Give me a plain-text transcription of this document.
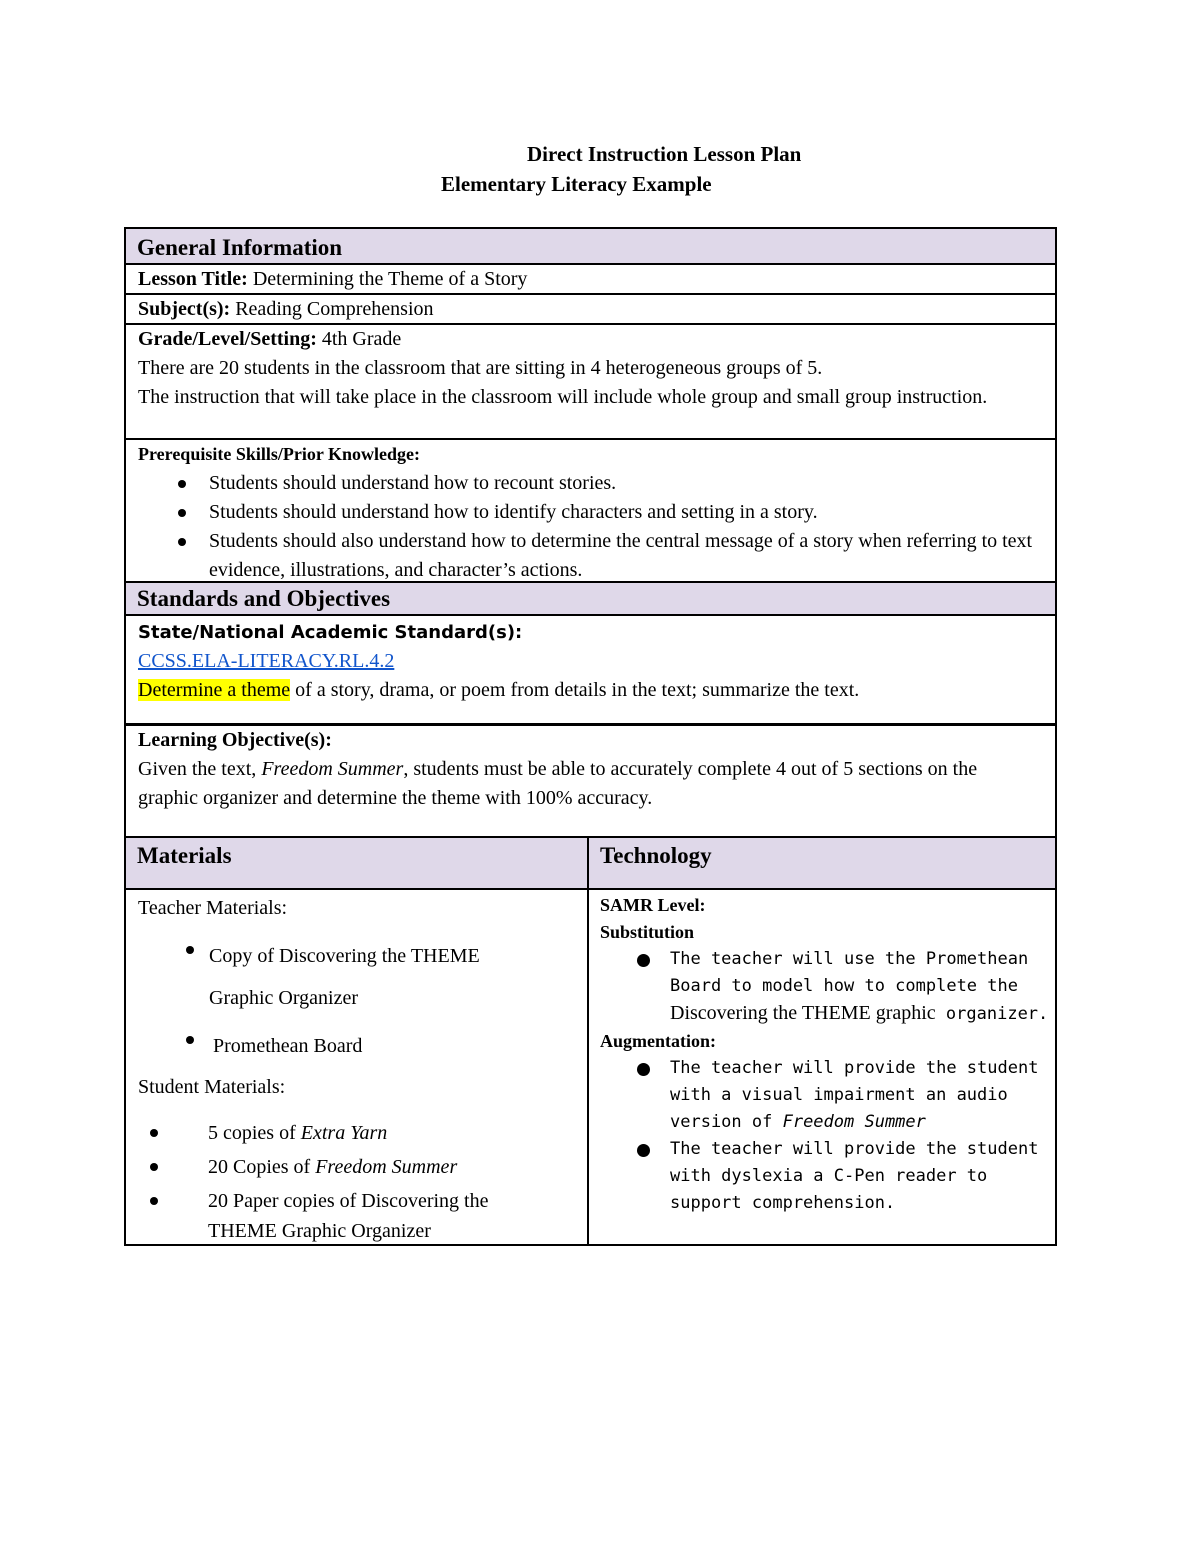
Direct Instruction Lesson Plan
Elementary Literacy Example
General Information
Lesson Title: Determining the Theme of a Story
Subject(s): Reading Comprehension
Grade/Level/Setting: 4th Grade
There are 20 students in the classroom that are sitting in 4 heterogeneous groups of 5.
The instruction that will take place in the classroom will include whole group and small group instruction.
Prerequisite Skills/Prior Knowledge:
Students should understand how to recount stories.
Students should understand how to identify characters and setting in a story.
Students should also understand how to determine the central message of a story when referring to text evidence, illustrations, and character’s actions.
Standards and Objectives
State/National Academic Standard(s):
CCSS.ELA-LITERACY.RL.4.2
Determine a theme of a story, drama, or poem from details in the text; summarize the text.
Learning Objective(s):
Given the text, Freedom Summer, students must be able to accurately complete 4 out of 5 sections on the graphic organizer and determine the theme with 100% accuracy.
Materials	Technology
Teacher Materials:
Copy of Discovering the THEME Graphic Organizer
Promethean Board
Student Materials:
5 copies of Extra Yarn
20 Copies of Freedom Summer
20 Paper copies of Discovering the THEME Graphic Organizer
SAMR Level:
Substitution
The teacher will use the Promethean Board to model how to complete the Discovering the THEME graphic organizer.
Augmentation:
The teacher will provide the student with a visual impairment an audio version of Freedom Summer
The teacher will provide the student with dyslexia a C-Pen reader to support comprehension.
